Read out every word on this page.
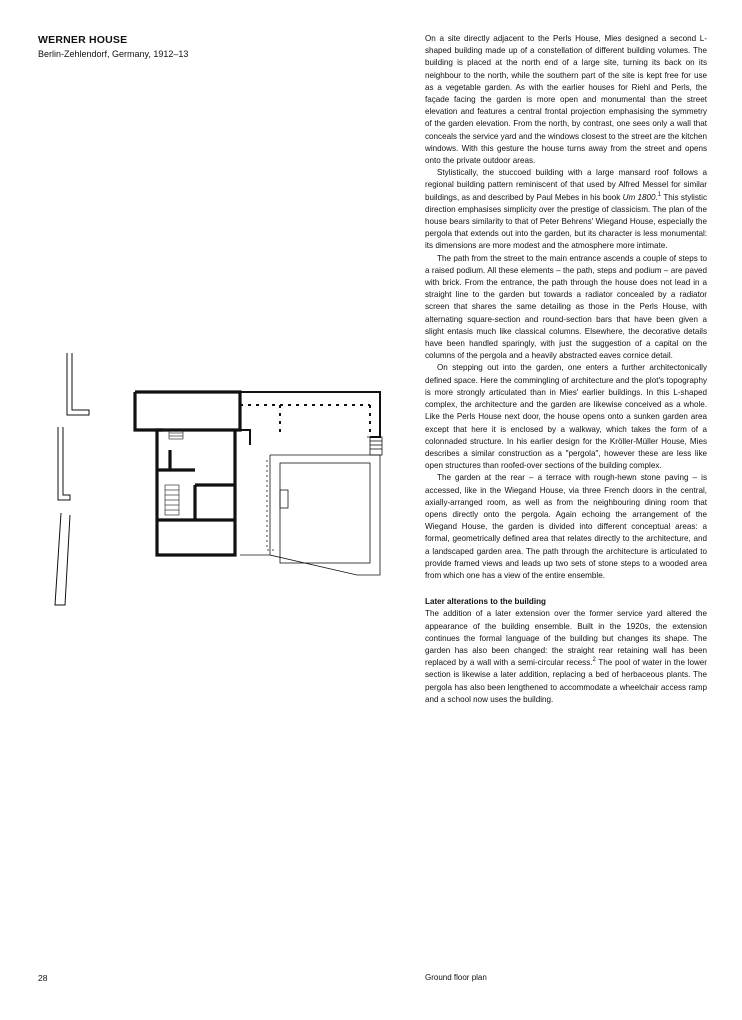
WERNER HOUSE
Berlin-Zehlendorf, Germany, 1912–13

On a site directly adjacent to the Perls House, Mies designed a second L-shaped building made up of a constellation of different building volumes. The building is placed at the north end of a large site, turning its back on its neighbour to the north, while the southern part of the site is kept free for use as a vegetable garden. As with the earlier houses for Riehl and Perls, the façade facing the garden is more open and monumental than the street elevation and features a central frontal projection emphasising the symmetry of the garden elevation. From the north, by contrast, one sees only a wall that conceals the service yard and the windows closest to the street are the kitchen windows. With this gesture the house turns away from the street and opens onto the private outdoor areas.

Stylistically, the stuccoed building with a large mansard roof follows a regional building pattern reminiscent of that used by Alfred Messel for similar buildings, as and described by Paul Mebes in his book Um 1800.$^1$ This stylistic direction emphasises simplicity over the prestige of classicism. The plan of the house bears similarity to that of Peter Behrens' Wiegand House, especially the pergola that extends out into the garden, but its character is less monumental: its dimensions are more modest and the atmosphere more intimate.

The path from the street to the main entrance ascends a couple of steps to a raised podium. All these elements – the path, steps and podium – are paved with brick. From the entrance, the path through the house does not lead in a straight line to the garden but towards a radiator concealed by a radiator screen that shares the same detailing as those in the Perls House, with alternating square-section and round-section bars that have been given a slight entasis much like classical columns. Elsewhere, the decorative details have been handled sparingly, with just the suggestion of a capital on the columns of the pergola and a heavily abstracted eaves cornice detail.

On stepping out into the garden, one enters a further architectonically defined space. Here the commingling of architecture and the plot's topography is more strongly articulated than in Mies' earlier buildings. In this L-shaped complex, the architecture and the garden are likewise conceived as a whole. Like the Perls House next door, the house opens onto a sunken garden area except that here it is enclosed by a walkway, which takes the form of a colonnaded structure. In his earlier design for the Kröller-Müller House, Mies describes a similar construction as a "pergola", however these are less like open structures than roofed-over sections of the building complex.

The garden at the rear – a terrace with rough-hewn stone paving – is accessed, like in the Wiegand House, via three French doors in the central, axially-arranged room, as well as from the neighbouring dining room that opens directly onto the pergola. Again echoing the arrangement of the Wiegand House, the garden is divided into different conceptual areas: a formal, geometrically defined area that relates directly to the architecture, and a landscaped garden area. The path through the architecture is articulated to provide framed views and leads up two sets of stone steps to a wooded area from which one has a view of the entire ensemble.

Later alterations to the building

The addition of a later extension over the former service yard altered the appearance of the building ensemble. Built in the 1920s, the extension continues the formal language of the building but changes its shape. The garden has also been changed: the straight rear retaining wall has been replaced by a wall with a semi-circular recess.$^2$ The pool of water in the lower section is likewise a later addition, replacing a bed of herbaceous plants. The pergola has also been lengthened to accommodate a wheelchair access ramp and a school now uses the building.

28	Ground floor plan
